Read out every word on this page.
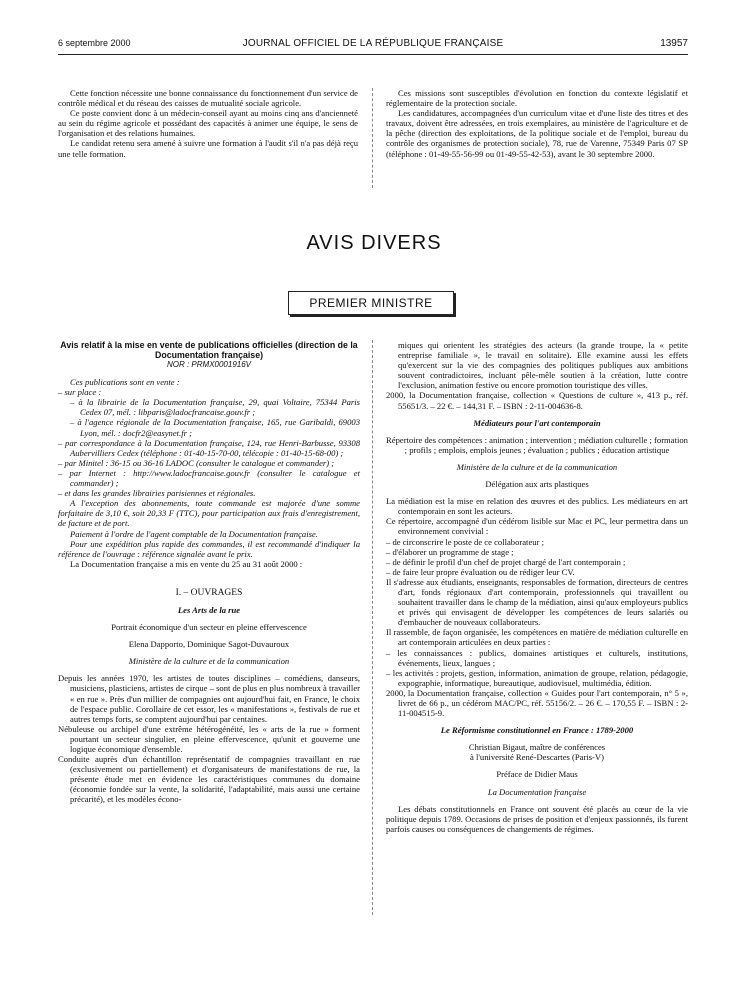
6 septembre 2000	JOURNAL OFFICIEL DE LA RÉPUBLIQUE FRANÇAISE	13957

Cette fonction nécessite une bonne connaissance du fonctionnement d'un service de contrôle médical et du réseau des caisses de mutualité sociale agricole.

Ce poste convient donc à un médecin-conseil ayant au moins cinq ans d'ancienneté au sein du régime agricole et possédant des capacités à animer une équipe, le sens de l'organisation et des relations humaines.

Le candidat retenu sera amené à suivre une formation à l'audit s'il n'a pas déjà reçu une telle formation.

Ces missions sont susceptibles d'évolution en fonction du contexte législatif et réglementaire de la protection sociale.

Les candidatures, accompagnées d'un curriculum vitae et d'une liste des titres et des travaux, doivent être adressées, en trois exemplaires, au ministère de l'agriculture et de la pêche (direction des exploitations, de la politique sociale et de l'emploi, bureau du contrôle des organismes de protection sociale), 78, rue de Varenne, 75349 Paris 07 SP (téléphone : 01-49-55-56-99 ou 01-49-55-42-53), avant le 30 septembre 2000.

AVIS DIVERS
PREMIER MINISTRE

Avis relatif à la mise en vente de publications officielles (direction de la Documentation française)

NOR : PRMX0001916V

Ces publications sont en vente :

– sur place :

– à la librairie de la Documentation française, 29, quai Voltaire, 75344 Paris Cedex 07, mél. : libparis@ladocfrancaise.gouv.fr ;

– à l'agence régionale de la Documentation française, 165, rue Garibaldi, 69003 Lyon, mél. : docfr2@easynet.fr ;

– par correspondance à la Documentation française, 124, rue Henri-Barbusse, 93308 Aubervilliers Cedex (téléphone : 01-40-15-70-00, télécopie : 01-40-15-68-00) ;

– par Minitel : 36-15 ou 36-16 LADOC (consulter le catalogue et commander) ;

– par Internet : http://www.ladocfrancaise.gouv.fr (consulter le catalogue et commander) ;

– et dans les grandes librairies parisiennes et régionales.

A l'exception des abonnements, toute commande est majorée d'une somme forfaitaire de 3,10 €, soit 20,33 F (TTC), pour participation aux frais d'enregistrement, de facture et de port.

Paiement à l'ordre de l'agent comptable de la Documentation française.

Pour une expédition plus rapide des commandes, il est recommandé d'indiquer la référence de l'ouvrage : référence signalée avant le prix.

La Documentation française a mis en vente du 25 au 31 août 2000 :

I. – OUVRAGES

Les Arts de la rue

Portrait économique d'un secteur en pleine effervescence

Elena Dapporto, Dominique Sagot-Duvauroux

Ministère de la culture et de la communication

Depuis les années 1970, les artistes de toutes disciplines – comédiens, danseurs, musiciens, plasticiens, artistes de cirque – sont de plus en plus nombreux à travailler « en rue ». Près d'un millier de compagnies ont aujourd'hui fait, en France, le choix de l'espace public. Corollaire de cet essor, les « manifestations », festivals de rue et autres temps forts, se comptent aujourd'hui par centaines.

Nébuleuse ou archipel d'une extrême hétérogénéité, les « arts de la rue » forment pourtant un secteur singulier, en pleine effervescence, qu'unit et gouverne une logique économique d'ensemble.

Conduite auprès d'un échantillon représentatif de compagnies travaillant en rue (exclusivement ou partiellement) et d'organisateurs de manifestations de rue, la présente étude met en évidence les caractéristiques communes du domaine (économie fondée sur la vente, la solidarité, l'adaptabilité, mais aussi une certaine précarité), et les modèles écono-

miques qui orientent les stratégies des acteurs (la grande troupe, la « petite entreprise familiale », le travail en solitaire). Elle examine aussi les effets qu'exercent sur la vie des compagnies des politiques publiques aux ambitions souvent contradictoires, incluant pêle-mêle soutien à la création, lutte contre l'exclusion, animation festive ou encore promotion touristique des villes.

2000, la Documentation française, collection « Questions de culture », 413 p., réf. 55651/3. – 22 €. – 144,31 F. – ISBN : 2-11-004636-8.

Médiateurs pour l'art contemporain

Répertoire des compétences : animation ; intervention ; médiation culturelle ; formation ; profils ; emplois, emplois jeunes ; évaluation ; publics ; éducation artistique

Ministère de la culture et de la communication

Délégation aux arts plastiques

La médiation est la mise en relation des œuvres et des publics. Les médiateurs en art contemporain en sont les acteurs.

Ce répertoire, accompagné d'un cédérom lisible sur Mac et PC, leur permettra dans un environnement convivial :

– de circonscrire le poste de ce collaborateur ;

– d'élaborer un programme de stage ;

– de définir le profil d'un chef de projet chargé de l'art contemporain ;

– de faire leur propre évaluation ou de rédiger leur CV.

Il s'adresse aux étudiants, enseignants, responsables de formation, directeurs de centres d'art, fonds régionaux d'art contemporain, professionnels qui travaillent ou souhaitent travailler dans le champ de la médiation, ainsi qu'aux employeurs publics et privés qui envisagent de développer les compétences de leurs salariés ou d'embaucher de nouveaux collaborateurs.

Il rassemble, de façon organisée, les compétences en matière de médiation culturelle en art contemporain articulées en deux parties :

– les connaissances : publics, domaines artistiques et culturels, institutions, événements, lieux, langues ;

– les activités : projets, gestion, information, animation de groupe, relation, pédagogie, expographie, informatique, bureautique, audiovisuel, multimédia, édition.

2000, la Documentation française, collection « Guides pour l'art contemporain, n° 5 », livret de 66 p., un cédérom MAC/PC, réf. 55156/2. – 26 €. – 170,55 F. – ISBN : 2-11-004515-9.

Le Réformisme constitutionnel en France : 1789-2000

Christian Bigaut, maître de conférences

à l'université René-Descartes (Paris-V)

Préface de Didier Maus

La Documentation française

Les débats constitutionnels en France ont souvent été placés au cœur de la vie politique depuis 1789. Occasions de prises de position et d'enjeux passionnés, ils furent parfois causes ou conséquences de changements de régimes.
